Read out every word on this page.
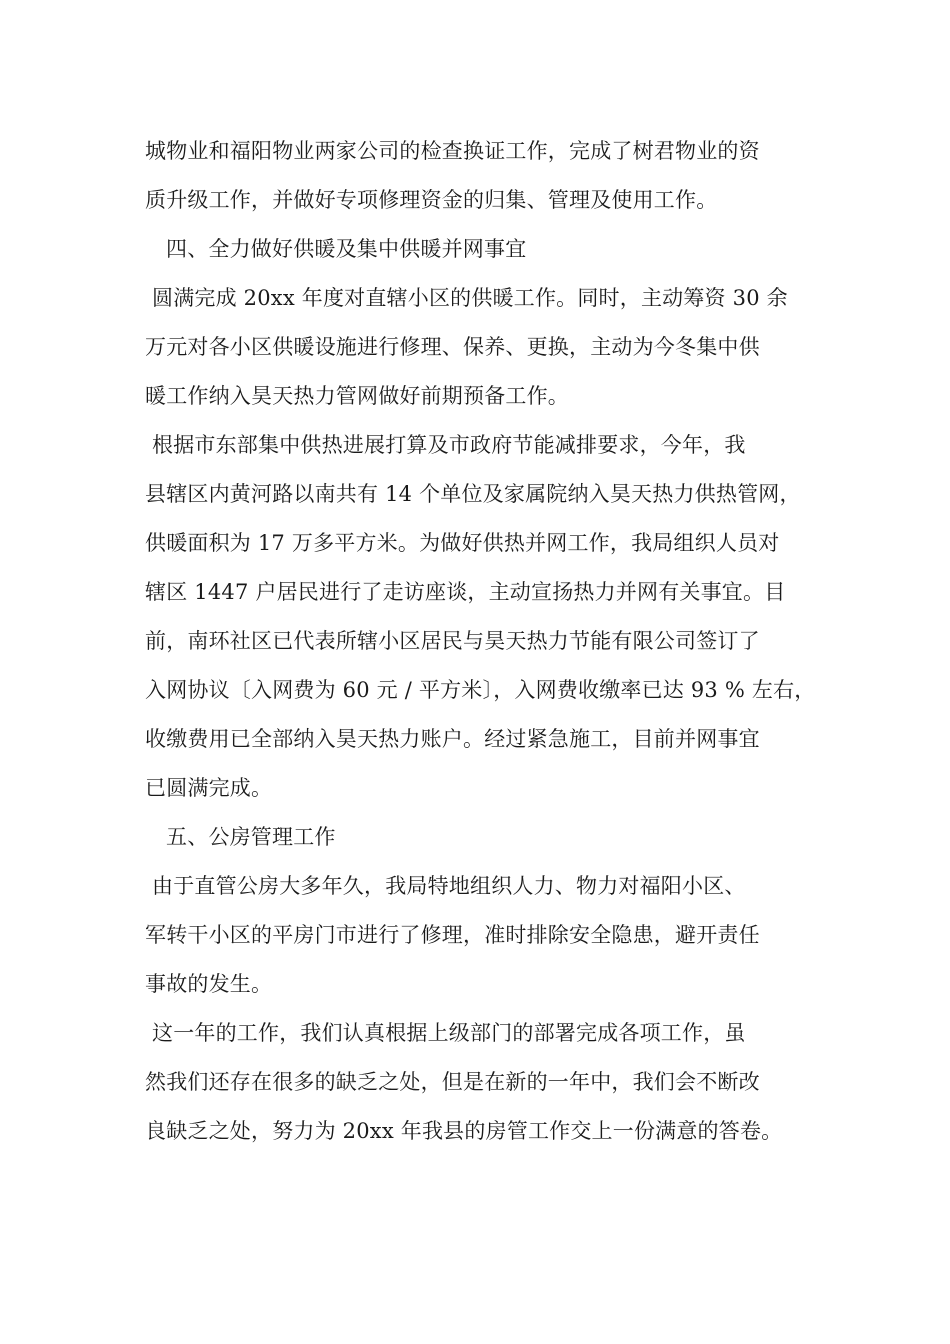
城物业和福阳物业两家公司的检查换证工作，完成了树君物业的资
质升级工作，并做好专项修理资金的归集、管理及使用工作。
四、全力做好供暖及集中供暖并网事宜
圆满完成 20xx 年度对直辖小区的供暖工作。同时，主动筹资 30 余
万元对各小区供暖设施进行修理、保养、更换，主动为今冬集中供
暖工作纳入昊天热力管网做好前期预备工作。
根据市东部集中供热进展打算及市政府节能减排要求，今年，我
县辖区内黄河路以南共有 14 个单位及家属院纳入昊天热力供热管网，
供暖面积为 17 万多平方米。为做好供热并网工作，我局组织人员对
辖区 1447 户居民进行了走访座谈，主动宣扬热力并网有关事宜。目
前，南环社区已代表所辖小区居民与昊天热力节能有限公司签订了
入网协议〔入网费为 60 元 / 平方米〕，入网费收缴率已达 93 % 左右，
收缴费用已全部纳入昊天热力账户。经过紧急施工，目前并网事宜
已圆满完成。
五、公房管理工作
由于直管公房大多年久，我局特地组织人力、物力对福阳小区、
军转干小区的平房门市进行了修理，准时排除安全隐患，避开责任
事故的发生。
这一年的工作，我们认真根据上级部门的部署完成各项工作，虽
然我们还存在很多的缺乏之处，但是在新的一年中，我们会不断改
良缺乏之处，努力为 20xx 年我县的房管工作交上一份满意的答卷。
